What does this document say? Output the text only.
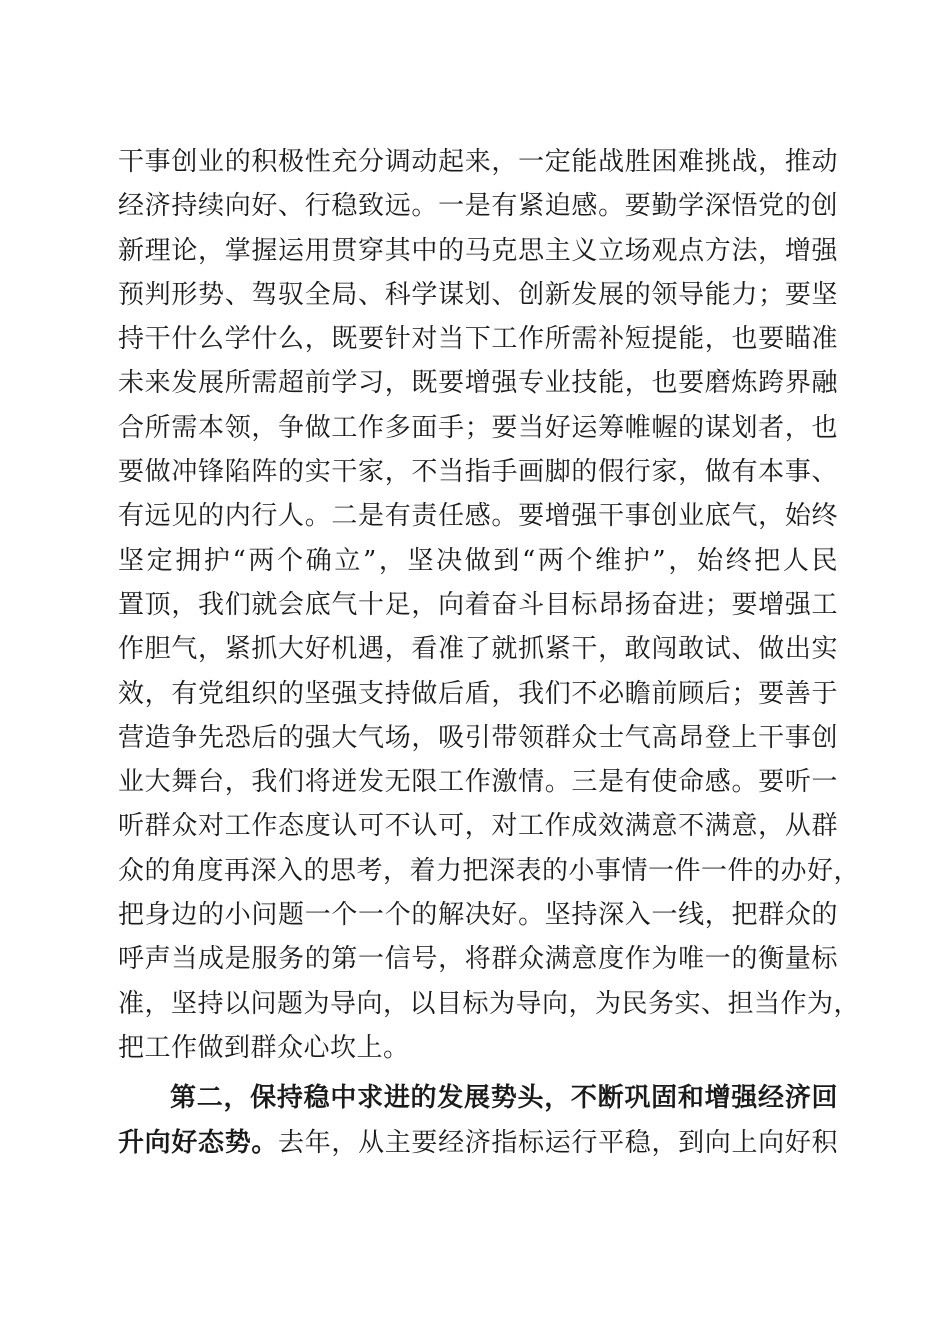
干事创业的积极性充分调动起来，一定能战胜困难挑战，推动
经济持续向好、行稳致远。一是有紧迫感。要勤学深悟党的创
新理论，掌握运用贯穿其中的马克思主义立场观点方法，增强
预判形势、驾驭全局、科学谋划、创新发展的领导能力；要坚
持干什么学什么，既要针对当下工作所需补短提能，也要瞄准
未来发展所需超前学习，既要增强专业技能，也要磨炼跨界融
合所需本领，争做工作多面手；要当好运筹帷幄的谋划者，也
要做冲锋陷阵的实干家，不当指手画脚的假行家，做有本事、
有远见的内行人。二是有责任感。要增强干事创业底气，始终
坚定拥护“两个确立”，坚决做到“两个维护”，始终把人民
置顶，我们就会底气十足，向着奋斗目标昂扬奋进；要增强工
作胆气，紧抓大好机遇，看准了就抓紧干，敢闯敢试、做出实
效，有党组织的坚强支持做后盾，我们不必瞻前顾后；要善于
营造争先恐后的强大气场，吸引带领群众士气高昂登上干事创
业大舞台，我们将迸发无限工作激情。三是有使命感。要听一
听群众对工作态度认可不认可，对工作成效满意不满意，从群
众的角度再深入的思考，着力把深表的小事情一件一件的办好，
把身边的小问题一个一个的解决好。坚持深入一线，把群众的
呼声当成是服务的第一信号，将群众满意度作为唯一的衡量标
准，坚持以问题为导向，以目标为导向，为民务实、担当作为，
把工作做到群众心坎上。
第二，保持稳中求进的发展势头，不断巩固和增强经济回
升向好态势。去年，从主要经济指标运行平稳，到向上向好积
